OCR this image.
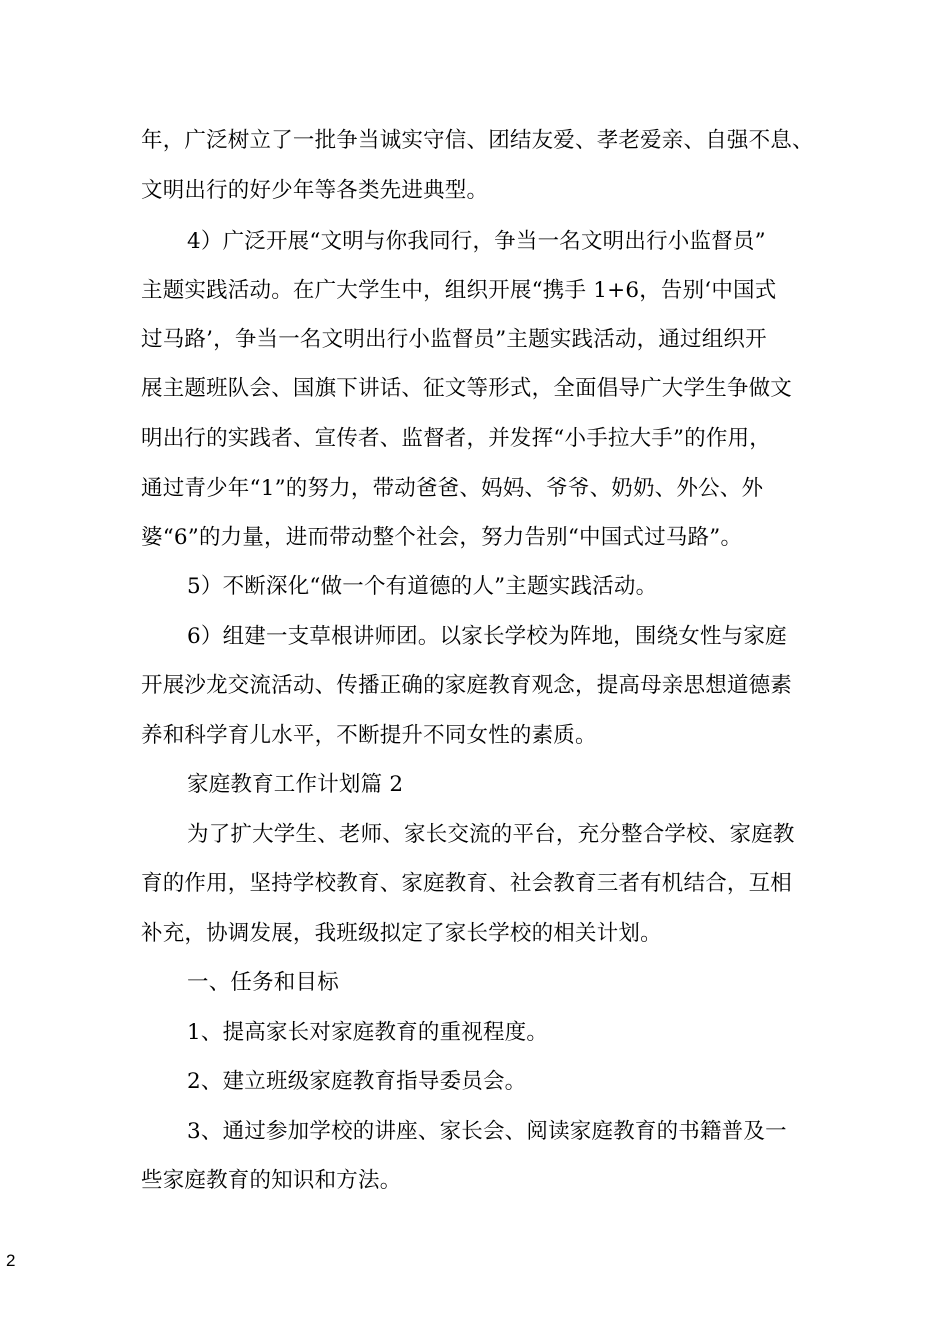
年，广泛树立了一批争当诚实守信、团结友爱、孝老爱亲、自强不息、
文明出行的好少年等各类先进典型。
4）广泛开展“文明与你我同行，争当一名文明出行小监督员”
主题实践活动。在广大学生中，组织开展“携手 1+6，告别‘中国式
过马路’，争当一名文明出行小监督员”主题实践活动，通过组织开
展主题班队会、国旗下讲话、征文等形式，全面倡导广大学生争做文
明出行的实践者、宣传者、监督者，并发挥“小手拉大手”的作用，
通过青少年“1”的努力，带动爸爸、妈妈、爷爷、奶奶、外公、外
婆“6”的力量，进而带动整个社会，努力告别“中国式过马路”。
5）不断深化“做一个有道德的人”主题实践活动。
6）组建一支草根讲师团。以家长学校为阵地，围绕女性与家庭
开展沙龙交流活动、传播正确的家庭教育观念，提高母亲思想道德素
养和科学育儿水平，不断提升不同女性的素质。
家庭教育工作计划篇 2
为了扩大学生、老师、家长交流的平台，充分整合学校、家庭教
育的作用，坚持学校教育、家庭教育、社会教育三者有机结合，互相
补充，协调发展，我班级拟定了家长学校的相关计划。
一、任务和目标
1、提高家长对家庭教育的重视程度。
2、建立班级家庭教育指导委员会。
3、通过参加学校的讲座、家长会、阅读家庭教育的书籍普及一
些家庭教育的知识和方法。
2
